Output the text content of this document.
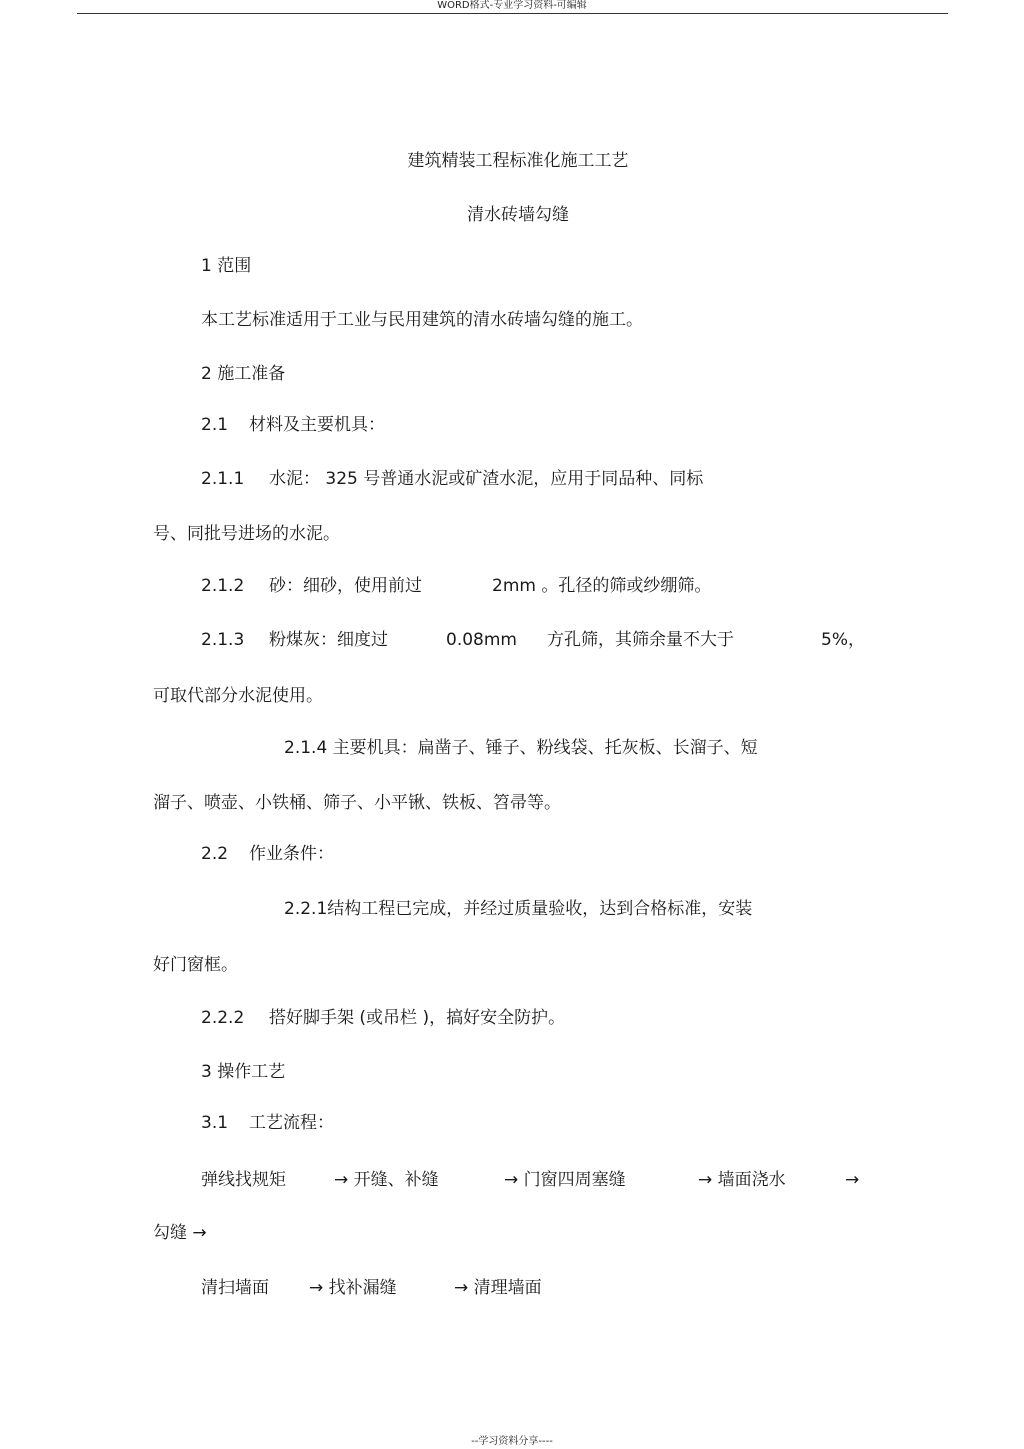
WORD格式-专业学习资料-可编辑
建筑精装工程标准化施工工艺
清水砖墙勾缝
1 范围
本工艺标准适用于工业与民用建筑的清水砖墙勾缝的施工。
2 施工准备
2.1 材料及主要机具：
2.1.1 水泥： 325 号普通水泥或矿渣水泥，应用于同品种、同标
号、同批号进场的水泥。
2.1.2 砂：细砂，使用前过	2mm 。孔径的筛或纱绷筛。
2.1.3 粉煤灰：细度过	0.08mm 方孔筛，其筛余量不大于	5%，
可取代部分水泥使用。
2.1.4 主要机具：扁凿子、锤子、粉线袋、托灰板、长溜子、短
溜子、喷壶、小铁桶、筛子、小平锹、铁板、笤帚等。
2.2 作业条件：
2.2.1结构工程已完成，并经过质量验收，达到合格标准，安装
好门窗框。
2.2.2 搭好脚手架 (或吊栏 )，搞好安全防护。
3 操作工艺
3.1 工艺流程：
弹线找规矩	→ 开缝、补缝	→ 门窗四周塞缝	→ 墙面浇水	→
勾缝 →
清扫墙面 → 找补漏缝	→ 清理墙面
--学习资料分享----
